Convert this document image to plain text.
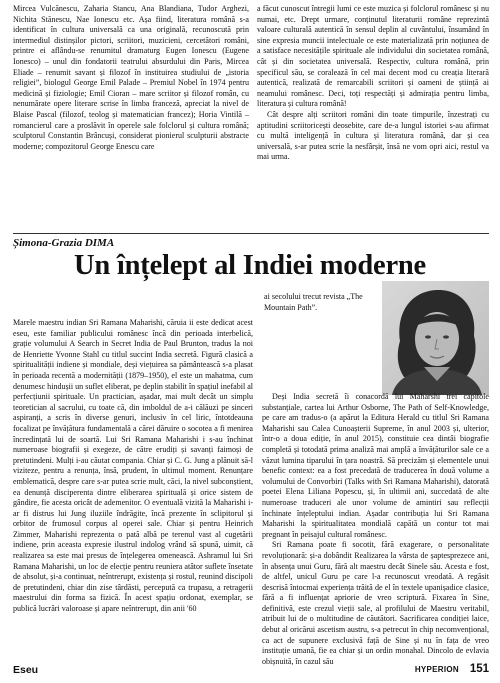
Mircea Vulcănescu, Zaharia Stancu, Ana Blandiana, Tudor Arghezi, Nichita Stănescu, Nae Ionescu etc. Așa fiind, literatura română s-a identificat în cultura universală ca una originală, recunoscută prin intermediul distinșilor pictori, scriitori, muzicieni, cercetători români, printre ei aflându-se renumitul dramaturg Eugen Ionescu (Eugene Ionesco) – unul din fondatorii teatrului absurdului din Paris, Mircea Eliade – renumit savant și filozof în instituirea studiului de „istoria religiei”, biologul George Emil Palade – Premiul Nobel în 1974 pentru medicină și fiziologie; Emil Cioran – mare scriitor și filozof român, cu nenumărate opere literare scrise în limba franceză, apreciat la nivel de Blaise Pascal (filozof, teolog și matematician francez); Horia Vintilă – romancierul care a proslăvit în operele sale folclorul și cultura română; sculptorul Constantin Brâncuși, considerat pionierul sculpturii abstracte moderne; compozitorul George Enescu care

a făcut cunoscut întregii lumi ce este muzica și folclorul românesc și nu numai, etc. Drept urmare, conținutul literaturii române reprezintă valoare culturală autentică în sensul deplin al cuvântului, însumând în sine expresia muncii intelectuale ce este materializată prin noțiunea de a satisface necesitățile spirituale ale individului din societatea română, cât și din societatea universală. Respectiv, cultura română, prin specificul său, se coralează în cel mai decent mod cu creația literară autentică, realizată de remarcabili scriitori și oameni de știință ai neamului românesc. Deci, toți respectăți și admirația pentru limba, literatura și cultura română!

Cât despre alți scriitori români din toate timpurile, înzestrați cu aptitudini scriitoricești deosebite, care de-a lungul istoriei s-au afirmat cu multă inteligență în cultura și literatura română, dar și cea universală, s-ar putea scrie la nesfârșit, însă ne vom opri aici, restul va mai urma.

Șimona-Grazia DIMA
Un înțelept al Indiei moderne
ai secolului trecut revista „The Mountain Path”.

Marele maestru indian Sri Ramana Maharishi, căruia ii este dedicat acest eseu, este familiar publicului românesc încă din perioada interbelică, grație volumului A Search in Secret India de Paul Brunton, tradus la noi de Henriette Yvonne Stahl cu titlul succint India secretă. Figură clasică a spiritualității indiene și mondiale, deși viețuirea sa pământească s-a plasat în perioada recentă a modernității (1879–1950), el este un mahatma, cum denumesc hindușii un suflet eliberat, pe deplin stabilit în spațiul inefabil al perfecțiunii spirituale. Un practician, așadar, mai mult decât un simplu teoretician al sacrului, cu toate că, din imboldul de a-i călăuzi pe sinceri aspiranți, a scris în diverse genuri, inclusiv în cel liric, întotdeauna focalizat pe învățătura fundamentală a cărei dăruire o socotea a fi menirea încredințată lui de soartă. Lui Sri Ramana Maharishi i s-au închinat numeroase biografii și exegeze, de către erudiți și savanți faimoși de pretutindeni. Mulți i-au căutat compania. Chiar și C. G. Jung a plănuit să-l viziteze, pentru a renunța, însă, prudent, în ultimul moment. Renunțare emblematică, despre care s-ar putea scrie mult, căci, la nivel subconștient, ea denunță disciperenta dintre eliberarea spirituală și orice sistem de gândire, fie acesta oricât de ademenitor. O eventuală vizită la Maharishi i-ar fi distrus lui Jung iluziile îndrăgite, încă prezente în sclipitorul și orbitor de frumosul corpus al operei sale. Chiar și pentru Heinrich Zimmer, Maharishi reprezenta o pată albă pe terenul vast al cugetării indiene, prin aceasta expresie ilustrul indolog vrând să spună, uimit, că realizarea sa este mai presus de înțelegerea omenească. Ashramul lui Sri Ramana Maharishi, un loc de elecție pentru reuniera atâtor suflete însetate de absolut, și-a continuat, neîntrerupt, existența și rostul, reunind discipoli de pretutindeni, chiar din zise târdăsti, percepută ca trupasu, a retragerii maestrului din forma sa fizică. În acest spațiu ordonat, exemplar, se publică lucrări valoroase și apare neîntrerupt, din anii '60

Deși India secretă îi conacordă lui Maharshi trei capitole substanțiale, cartea lui Arthur Osborne, The Path of Self-Knowledge, pe care am tradus-o (a apărut la Editura Herald cu titlul Sri Ramana Maharishi sau Calea Cunoașterii Supreme, în anul 2003 și, ulterior, într-o a doua ediție, în anul 2015), constituie cea dintâi biografie completă și totodată prima analiză mai amplă a învățăturilor sale ce a văzut lumina tiparului în țara noastră. Să precizăm și elementele unui benefic context: ea a fost precedată de traducerea în două volume a volumului de Convorbiri (Talks with Sri Ramana Maharishi), datorată poetei Elena Liliana Popescu, și, în ultimii ani, succedată de alte numeroase traduceri ale unor volume de amintiri sau reflecții închinate înțeleptului indian. Așadar contribuția lui Sri Ramana Maharishi la spiritualitatea mondială capătă un contur tot mai pregnant în peisajul cultural românesc.

Sri Ramana poate fi socotit, fără exagerare, o personalitate revoluționară: și-a dobândit Realizarea la vârsta de șaptesprezece ani, în absența unui Guru, fără alt maestru decât Sinele său. Acesta e fost, de altfel, unicul Guru pe care l-a recunoscut vreodată. A regăsit descrisă întocmai experiența trăită de el în textele upanișadice clasice, fără a fi influențat apriorie de vreo scriptură. Fixarea în Sine, definitivă, este crezul vieții sale, al profilului de Maestru veritabil, atribuit lui de o multitudine de căutători. Sacrificarea condiției laice, debut al oricărui ascetism austru, s-a petrecut în chip necomvențional, ca act de supunere exclusivă față de Sine și nu în fața de vreo instituție umană, fie ea chiar și un ordin monahal. Dincolo de evlavia obișnuită, în cazul său

Eseu	HYPERION 151
